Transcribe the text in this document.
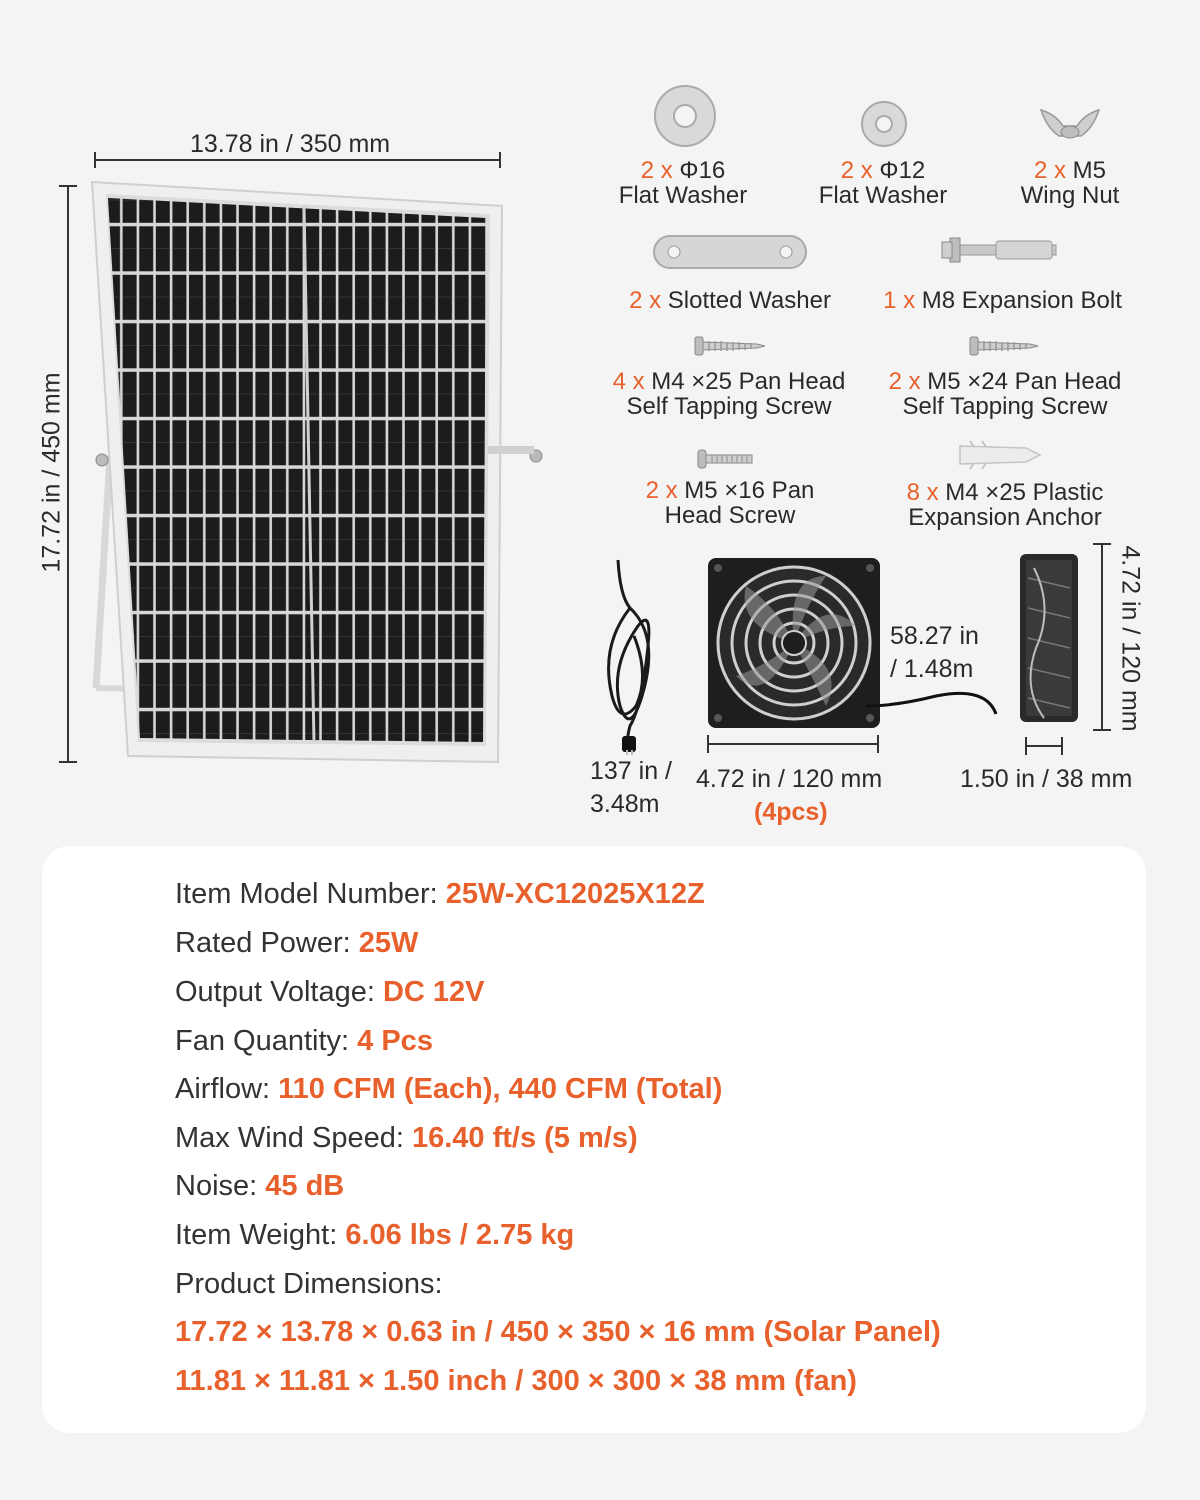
13.78 in / 350 mm
17.72 in / 450 mm
2 x Φ16
Flat Washer
2 x Φ12
Flat Washer
2 x M5
Wing Nut
2 x Slotted Washer	1 x M8 Expansion Bolt
4 x M4 ×25 Pan Head
Self Tapping Screw
2 x M5 ×24 Pan Head
Self Tapping Screw
2 x M5 ×16 Pan
Head Screw
8 x M4 ×25 Plastic
Expansion Anchor
137 in /
3.48m
58.27 in
/ 1.48m
4.72 in / 120 mm
(4pcs)
4.72 in / 120 mm
1.50 in / 38 mm
Item Model Number: 25W-XC12025X12Z
Rated Power: 25W
Output Voltage: DC 12V
Fan Quantity: 4 Pcs
Airflow: 110 CFM (Each), 440 CFM (Total)
Max Wind Speed: 16.40 ft/s (5 m/s)
Noise: 45 dB
Item Weight: 6.06 lbs / 2.75 kg
Product Dimensions:
17.72 × 13.78 × 0.63 in / 450 × 350 × 16 mm (Solar Panel)
11.81 × 11.81 × 1.50 inch / 300 × 300 × 38 mm (fan)
